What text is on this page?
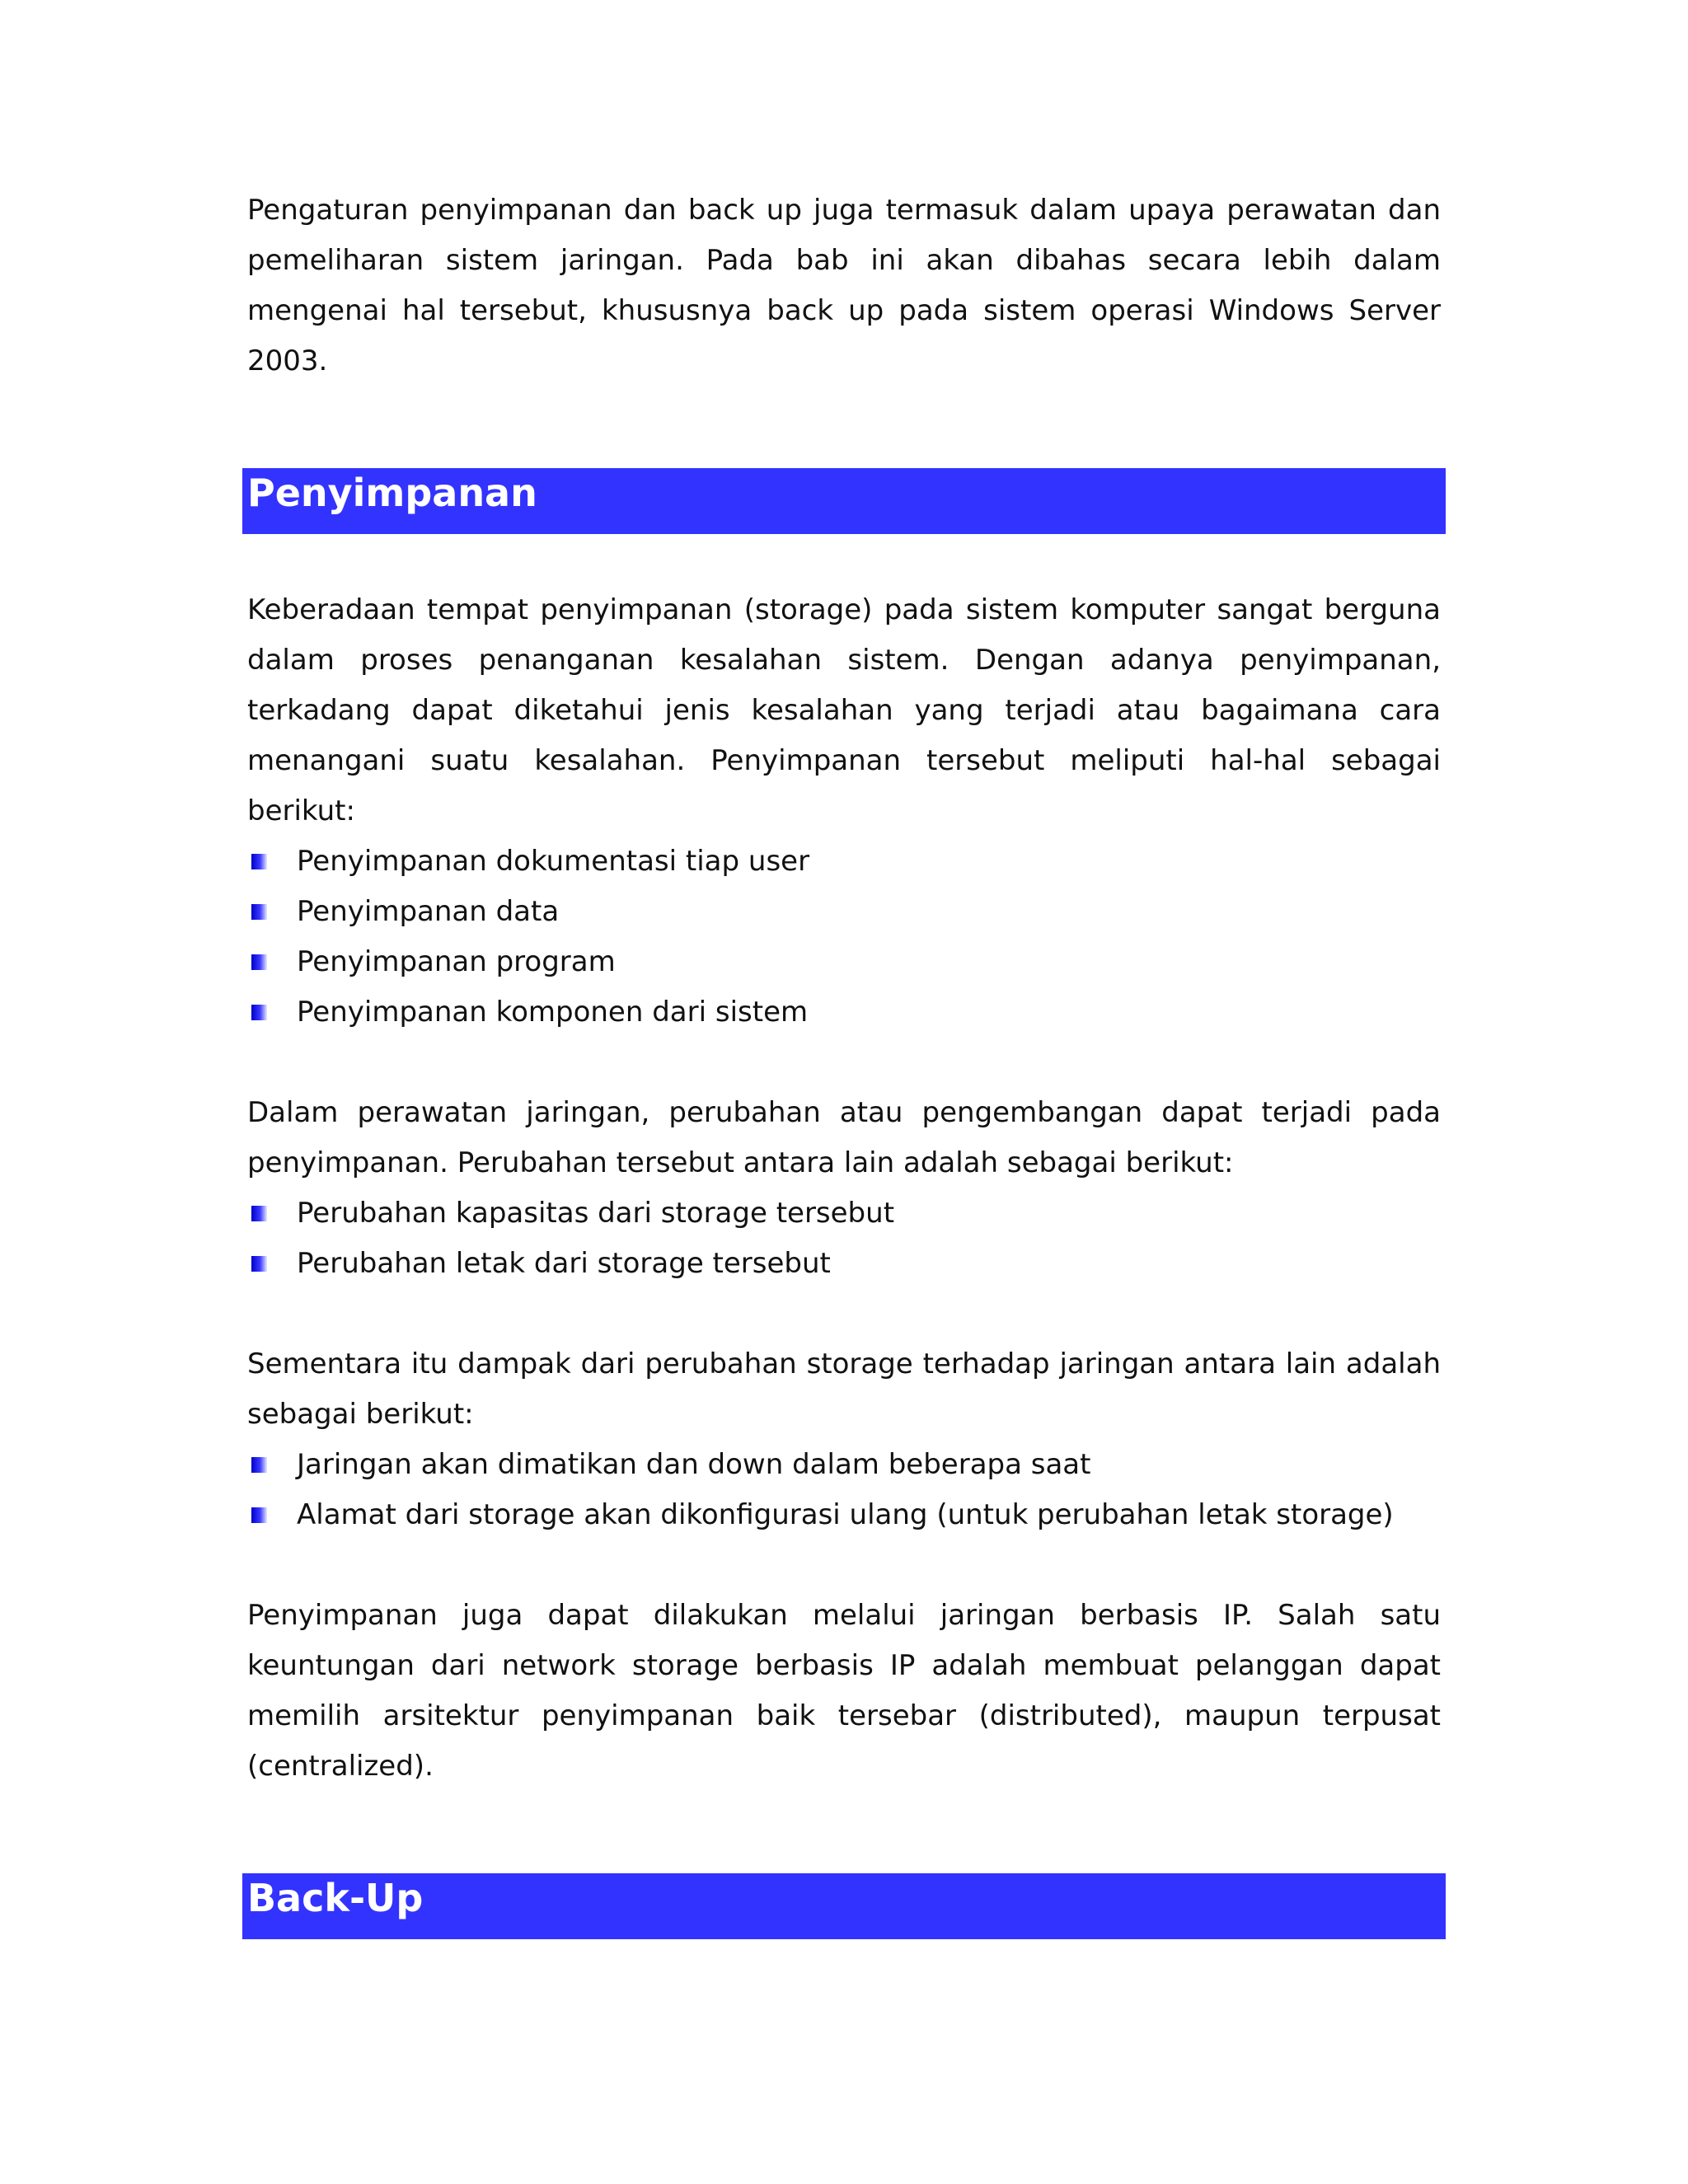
Pengaturan penyimpanan dan back up juga termasuk dalam upaya perawatan dan pemeliharan sistem jaringan. Pada bab ini akan dibahas secara lebih dalam mengenai hal tersebut, khususnya back up pada sistem operasi Windows Server 2003.

Penyimpanan

Keberadaan tempat penyimpanan (storage) pada sistem komputer sangat berguna dalam proses penanganan kesalahan sistem. Dengan adanya penyimpanan, terkadang dapat diketahui jenis kesalahan yang terjadi atau bagaimana cara menangani suatu kesalahan. Penyimpanan tersebut meliputi hal-hal sebagai berikut:

Penyimpanan dokumentasi tiap user
Penyimpanan data
Penyimpanan program
Penyimpanan komponen dari sistem

Dalam perawatan jaringan, perubahan atau pengembangan dapat terjadi pada penyimpanan. Perubahan tersebut antara lain adalah sebagai berikut:

Perubahan kapasitas dari storage tersebut
Perubahan letak dari storage tersebut

Sementara itu dampak dari perubahan storage terhadap jaringan antara lain adalah sebagai berikut:

Jaringan akan dimatikan dan down dalam beberapa saat
Alamat dari storage akan dikonfigurasi ulang (untuk perubahan letak storage)

Penyimpanan juga dapat dilakukan melalui jaringan berbasis IP. Salah satu keuntungan dari network storage berbasis IP adalah membuat pelanggan dapat memilih arsitektur penyimpanan baik tersebar (distributed), maupun terpusat (centralized).

Back-Up
